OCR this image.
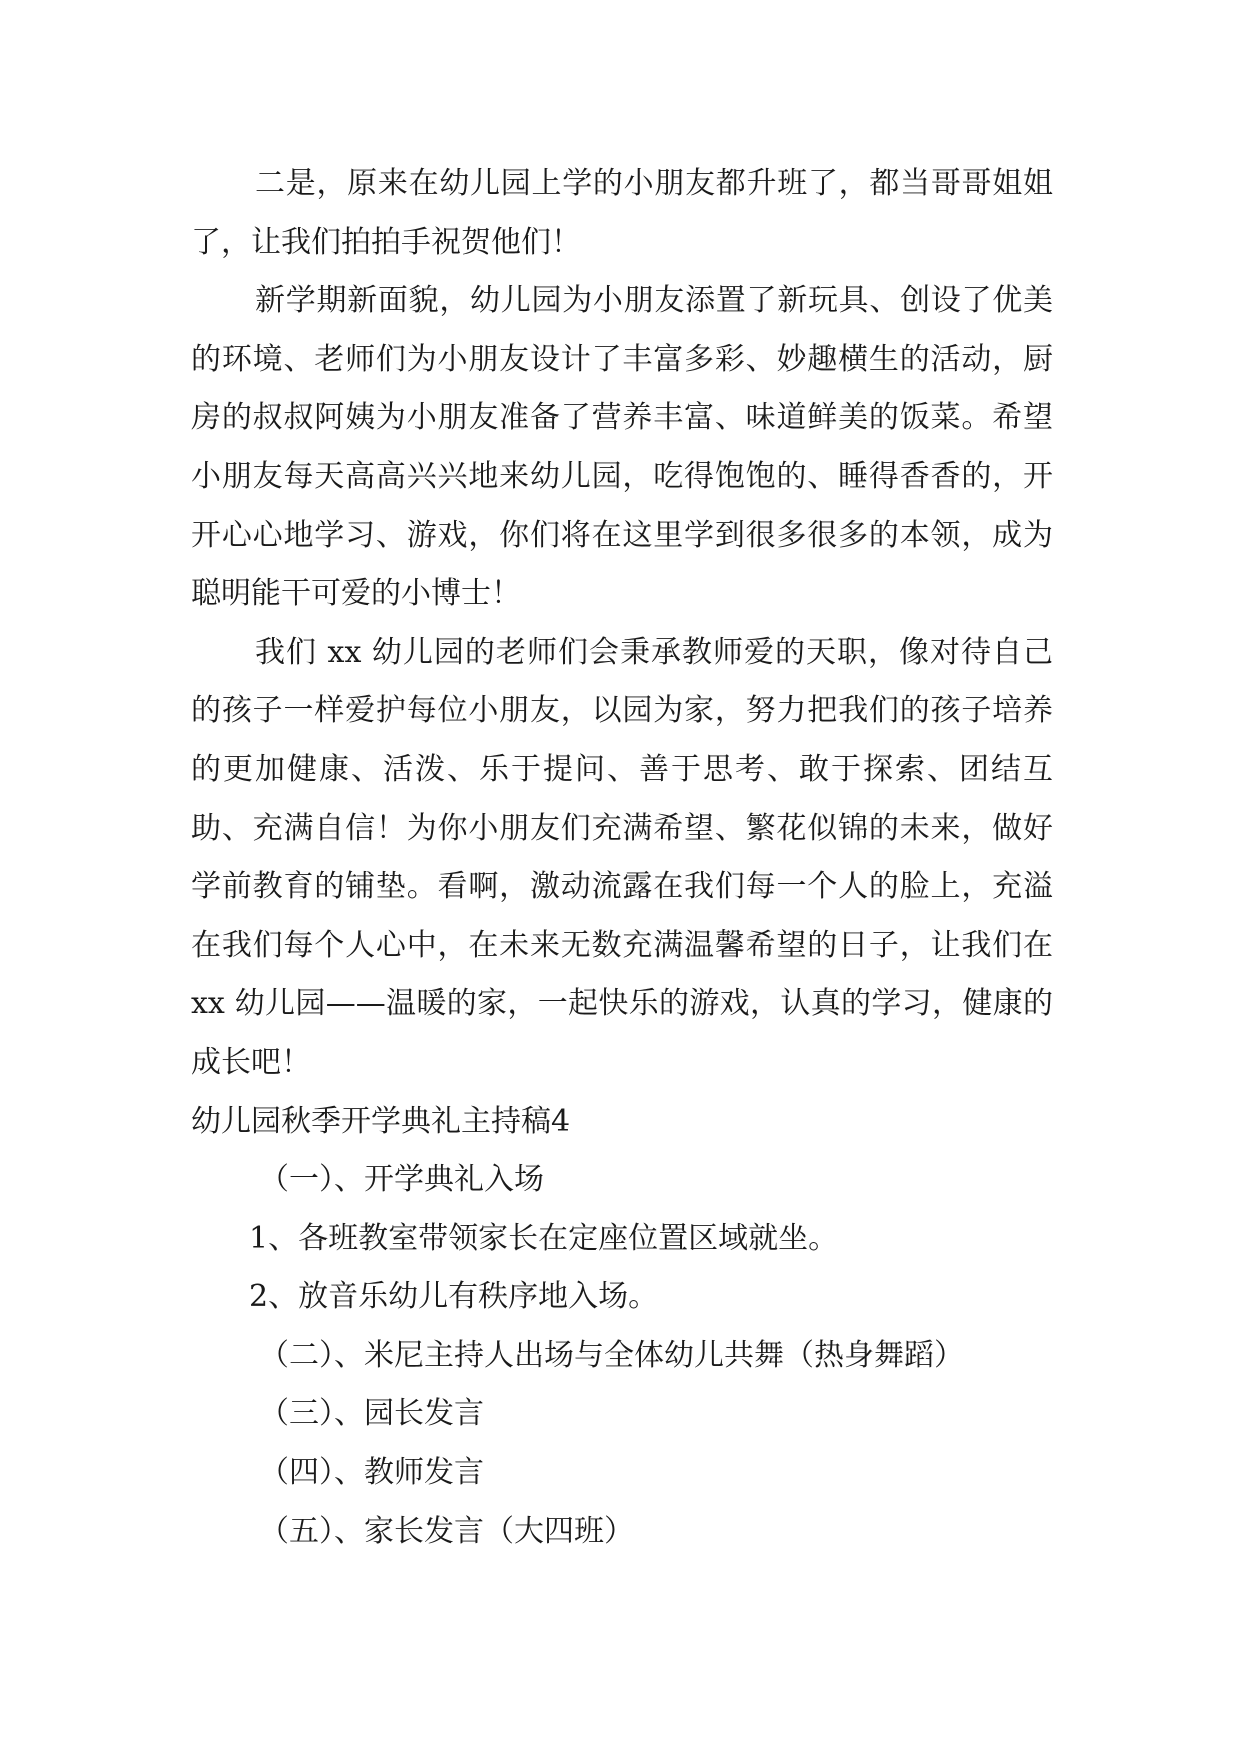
二是，原来在幼儿园上学的小朋友都升班了，都当哥哥姐姐了，让我们拍拍手祝贺他们！

新学期新面貌，幼儿园为小朋友添置了新玩具、创设了优美的环境、老师们为小朋友设计了丰富多彩、妙趣横生的活动，厨房的叔叔阿姨为小朋友准备了营养丰富、味道鲜美的饭菜。希望小朋友每天高高兴兴地来幼儿园，吃得饱饱的、睡得香香的，开开心心地学习、游戏，你们将在这里学到很多很多的本领，成为聪明能干可爱的小博士！

我们 xx 幼儿园的老师们会秉承教师爱的天职，像对待自己的孩子一样爱护每位小朋友，以园为家，努力把我们的孩子培养的更加健康、活泼、乐于提问、善于思考、敢于探索、团结互助、充满自信！为你小朋友们充满希望、繁花似锦的未来，做好学前教育的铺垫。看啊，激动流露在我们每一个人的脸上，充溢在我们每个人心中，在未来无数充满温馨希望的日子，让我们在 xx 幼儿园——温暖的家，一起快乐的游戏，认真的学习，健康的成长吧！

幼儿园秋季开学典礼主持稿4

（一）、开学典礼入场

1、各班教室带领家长在定座位置区域就坐。

2、放音乐幼儿有秩序地入场。

（二）、米尼主持人出场与全体幼儿共舞（热身舞蹈）

（三）、园长发言

（四）、教师发言

（五）、家长发言（大四班）
